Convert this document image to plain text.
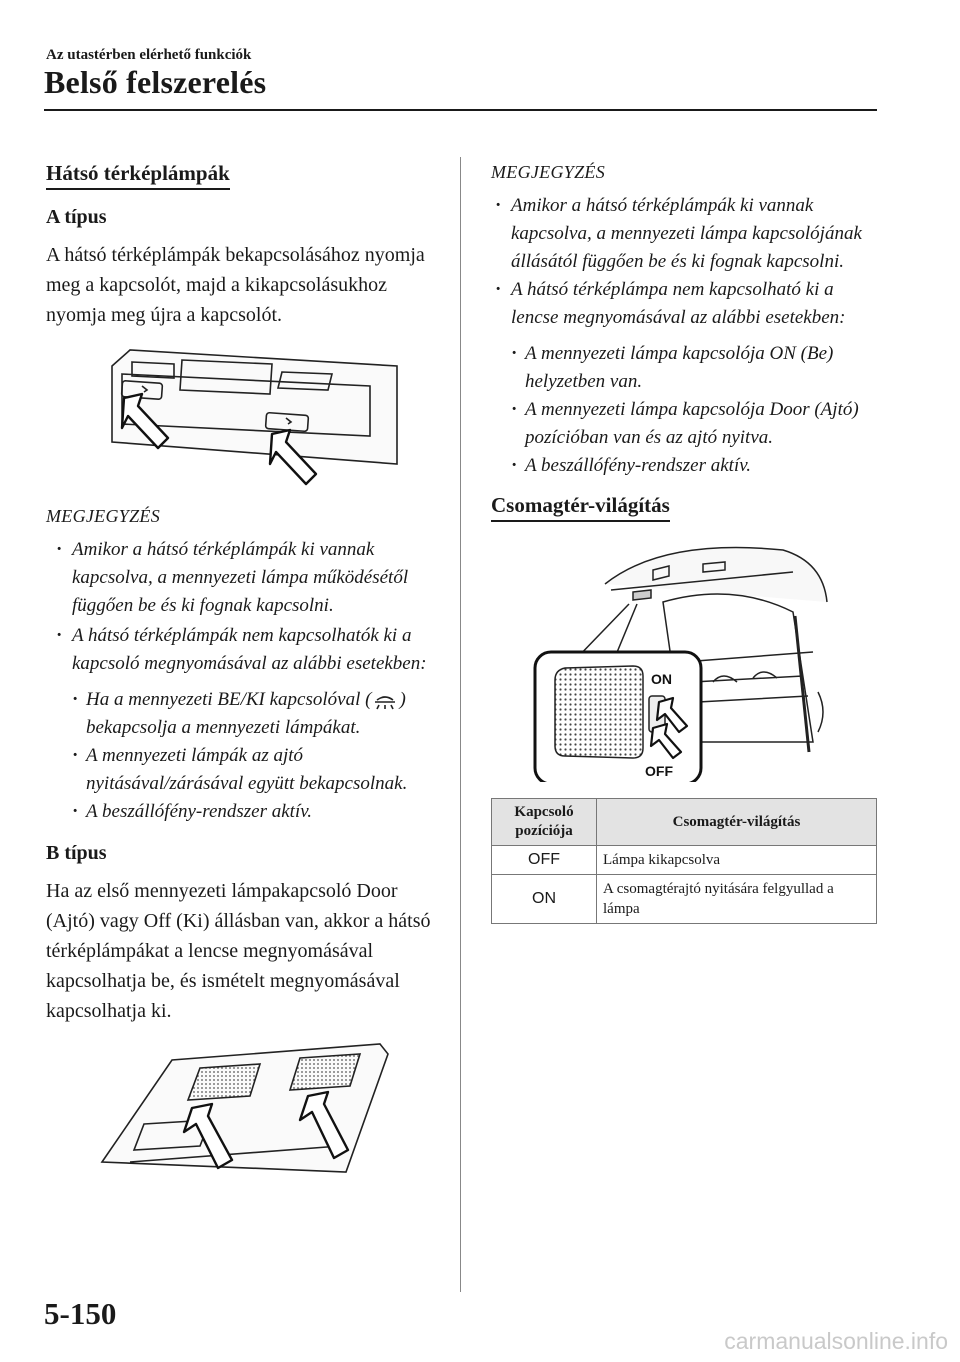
Az utastérben elérhető funkciók
Belső felszerelés
Hátsó térképlámpák
A típus
A hátsó térképlámpák bekapcsolásához nyomja meg a kapcsolót, majd a kikapcsolásukhoz nyomja meg újra a kapcsolót.
MEGJEGYZÉS
· Amikor a hátsó térképlámpák ki vannak kapcsolva, a mennyezeti lámpa működésétől függően be és ki fognak kapcsolni.
· A hátsó térképlámpák nem kapcsolhatók ki a kapcsoló megnyomásával az alábbi esetekben:
· Ha a mennyezeti BE/KI kapcsolóval ( ) bekapcsolja a mennyezeti lámpákat.
· A mennyezeti lámpák az ajtó nyitásával/zárásával együtt bekapcsolnak.
· A beszállófény-rendszer aktív.
B típus
Ha az első mennyezeti lámpakapcsoló Door (Ajtó) vagy Off (Ki) állásban van, akkor a hátsó térképlámpákat a lencse megnyomásával kapcsolhatja be, és ismételt megnyomásával kapcsolhatja ki.
MEGJEGYZÉS
· Amikor a hátsó térképlámpák ki vannak kapcsolva, a mennyezeti lámpa kapcsolójának állásától függően be és ki fognak kapcsolni.
· A hátsó térképlámpa nem kapcsolható ki a lencse megnyomásával az alábbi esetekben:
· A mennyezeti lámpa kapcsolója ON (Be) helyzetben van.
· A mennyezeti lámpa kapcsolója Door (Ajtó) pozícióban van és az ajtó nyitva.
· A beszállófény-rendszer aktív.
Csomagtér-világítás
ON
OFF
Kapcsoló pozíciója	Csomagtér-világítás
OFF	Lámpa kikapcsolva
ON	A csomagtérajtó nyitására felgyullad a lámpa
5-150
carmanualsonline.info
